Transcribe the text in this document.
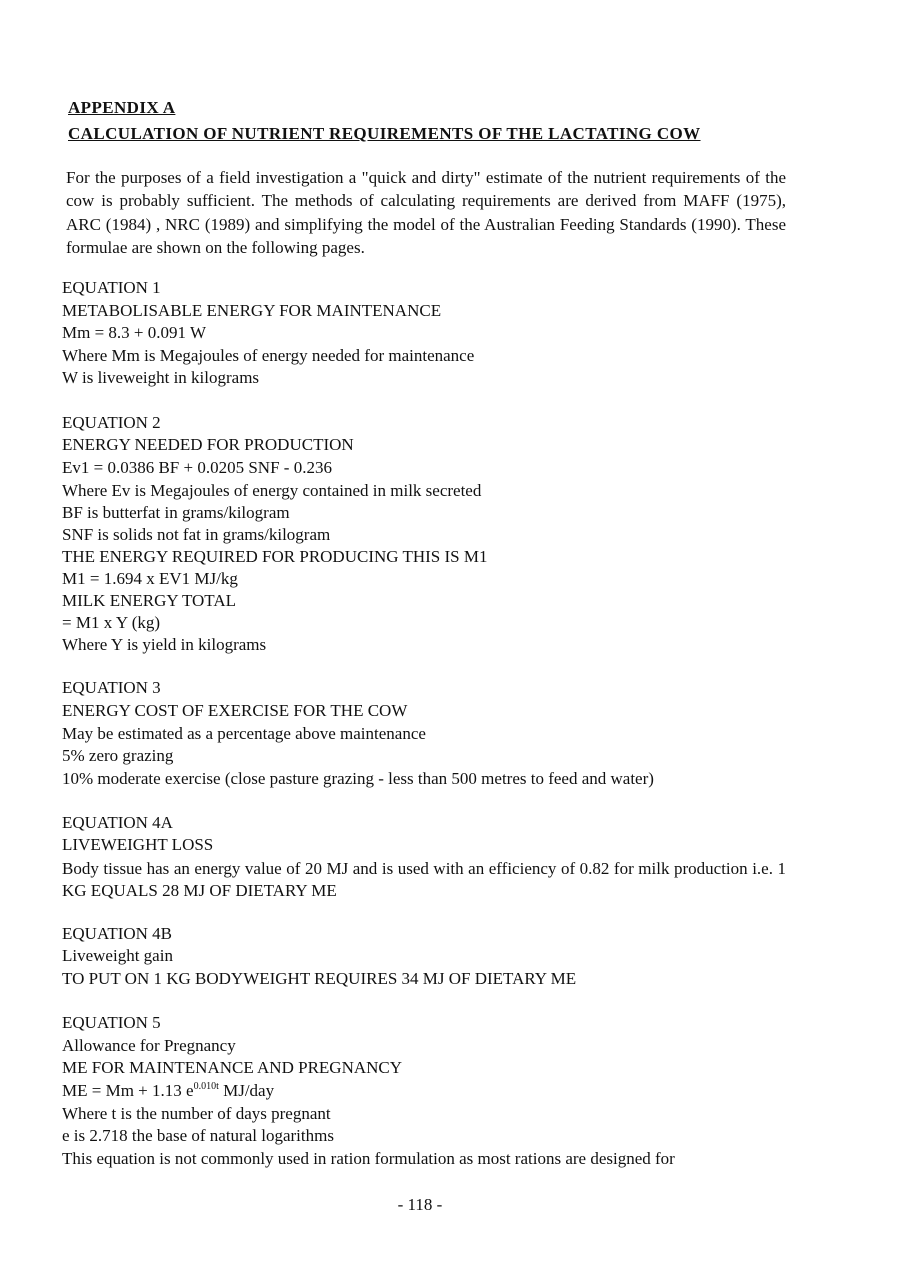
APPENDIX A

CALCULATION OF NUTRIENT REQUIREMENTS OF THE LACTATING COW

For the purposes of a field investigation a "quick and dirty" estimate of the nutrient requirements of the cow is probably sufficient. The methods of calculating requirements are derived from MAFF (1975), ARC (1984) , NRC (1989) and simplifying the model of the Australian Feeding Standards (1990). These formulae are shown on the following pages.

EQUATION 1

METABOLISABLE ENERGY FOR MAINTENANCE

Mm = 8.3 + 0.091 W

Where Mm is Megajoules of energy needed for maintenance

W is liveweight in kilograms

EQUATION 2

ENERGY NEEDED FOR PRODUCTION

Ev1 = 0.0386 BF + 0.0205 SNF - 0.236

Where Ev is Megajoules of energy contained in milk secreted

BF is butterfat in grams/kilogram

SNF is solids not fat in grams/kilogram

THE ENERGY REQUIRED FOR PRODUCING THIS IS M1

M1 = 1.694 x EV1 MJ/kg

MILK ENERGY TOTAL

= M1 x Y (kg)

Where Y is yield in kilograms

EQUATION 3

ENERGY COST OF EXERCISE FOR THE COW

May be estimated as a percentage above maintenance

5% zero grazing

10% moderate exercise (close pasture grazing - less than 500 metres to feed and water)

EQUATION 4A

LIVEWEIGHT LOSS

Body tissue has an energy value of 20 MJ and is used with an efficiency of 0.82 for milk production i.e. 1 KG EQUALS 28 MJ OF DIETARY ME

EQUATION 4B

Liveweight gain

TO PUT ON 1 KG BODYWEIGHT REQUIRES 34 MJ OF DIETARY ME

EQUATION 5

Allowance for Pregnancy

ME FOR MAINTENANCE AND PREGNANCY

ME = Mm + 1.13 $e^{0.010t}$ MJ/day

Where t is the number of days pregnant

e is 2.718 the base of natural logarithms

This equation is not commonly used in ration formulation as most rations are designed for

- 118 -
